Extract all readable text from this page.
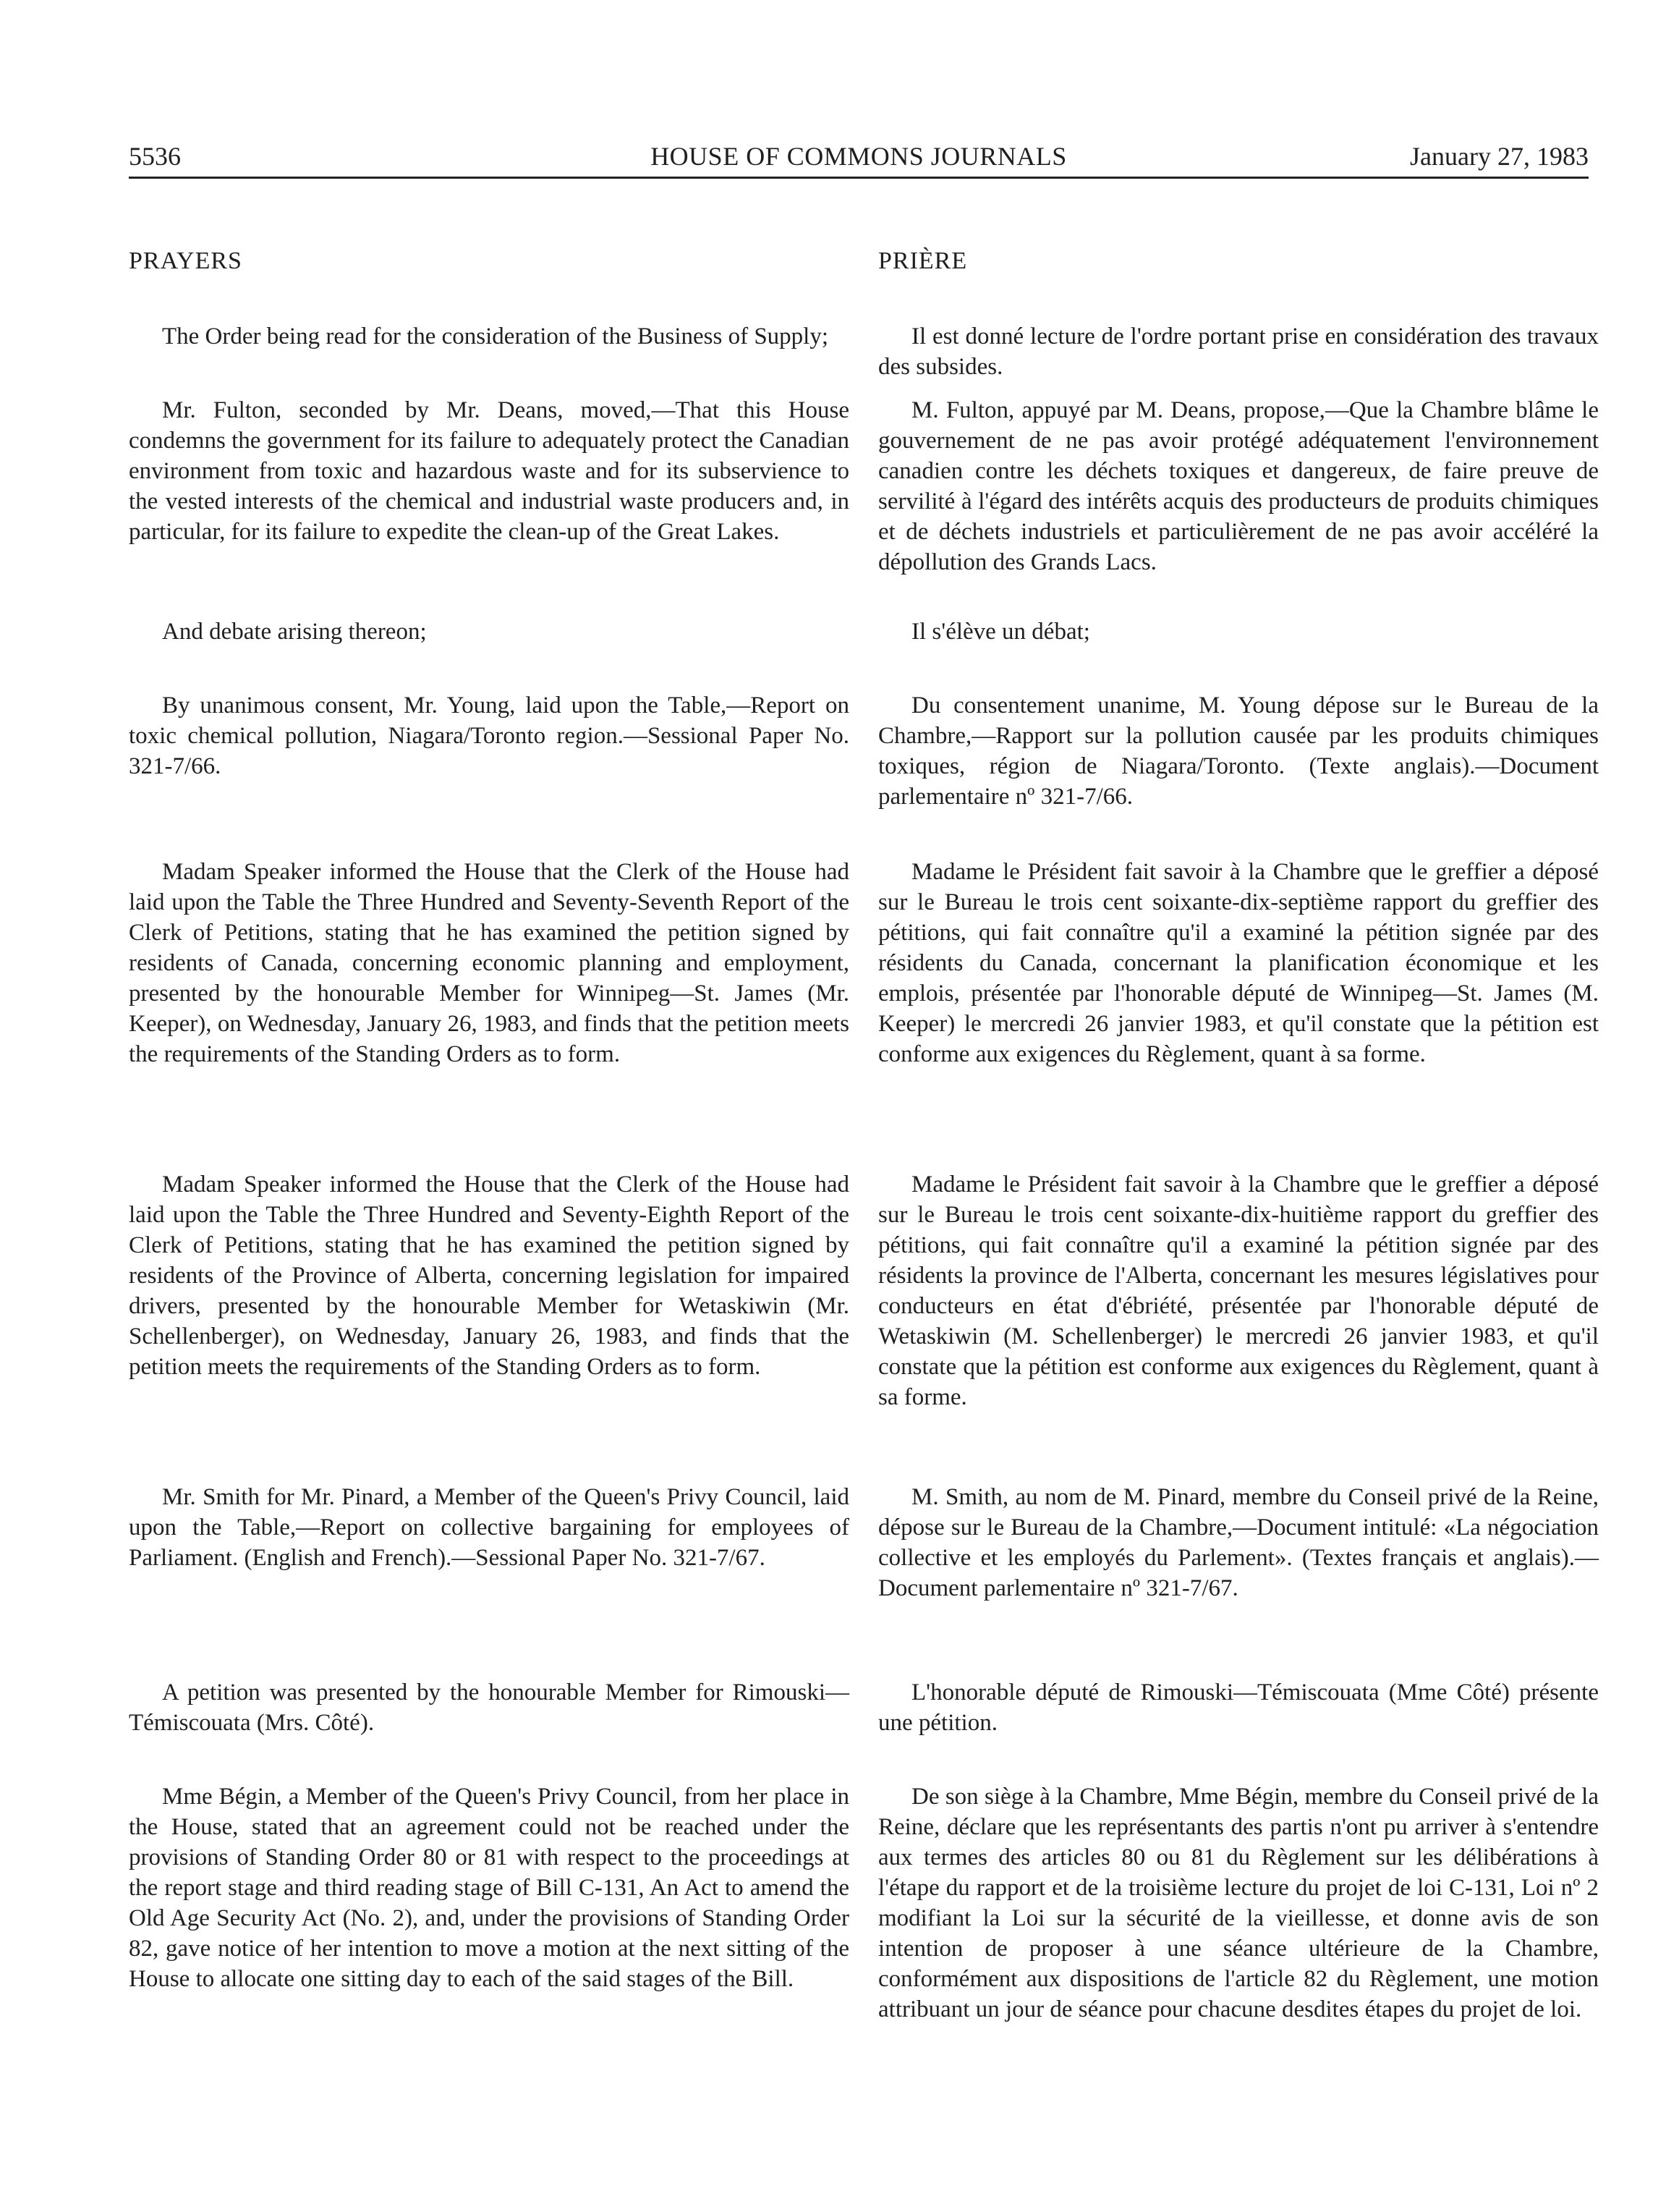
5536	HOUSE OF COMMONS JOURNALS	January 27, 1983
PRAYERS
The Order being read for the consideration of the Business of Supply;
Mr. Fulton, seconded by Mr. Deans, moved,—That this House condemns the government for its failure to adequately protect the Canadian environment from toxic and hazardous waste and for its subservience to the vested interests of the chemical and industrial waste producers and, in particular, for its failure to expedite the clean-up of the Great Lakes.
And debate arising thereon;
By unanimous consent, Mr. Young, laid upon the Table,—Report on toxic chemical pollution, Niagara/Toronto region.—Sessional Paper No. 321-7/66.
Madam Speaker informed the House that the Clerk of the House had laid upon the Table the Three Hundred and Seventy-Seventh Report of the Clerk of Petitions, stating that he has examined the petition signed by residents of Canada, concerning economic planning and employment, presented by the honourable Member for Winnipeg—St. James (Mr. Keeper), on Wednesday, January 26, 1983, and finds that the petition meets the requirements of the Standing Orders as to form.
Madam Speaker informed the House that the Clerk of the House had laid upon the Table the Three Hundred and Seventy-Eighth Report of the Clerk of Petitions, stating that he has examined the petition signed by residents of the Province of Alberta, concerning legislation for impaired drivers, presented by the honourable Member for Wetaskiwin (Mr. Schellenberger), on Wednesday, January 26, 1983, and finds that the petition meets the requirements of the Standing Orders as to form.
Mr. Smith for Mr. Pinard, a Member of the Queen's Privy Council, laid upon the Table,—Report on collective bargaining for employees of Parliament. (English and French).—Sessional Paper No. 321-7/67.
A petition was presented by the honourable Member for Rimouski—Témiscouata (Mrs. Côté).
Mme Bégin, a Member of the Queen's Privy Council, from her place in the House, stated that an agreement could not be reached under the provisions of Standing Order 80 or 81 with respect to the proceedings at the report stage and third reading stage of Bill C-131, An Act to amend the Old Age Security Act (No. 2), and, under the provisions of Standing Order 82, gave notice of her intention to move a motion at the next sitting of the House to allocate one sitting day to each of the said stages of the Bill.
PRIÈRE
Il est donné lecture de l'ordre portant prise en considération des travaux des subsides.
M. Fulton, appuyé par M. Deans, propose,—Que la Chambre blâme le gouvernement de ne pas avoir protégé adéquatement l'environnement canadien contre les déchets toxiques et dangereux, de faire preuve de servilité à l'égard des intérêts acquis des producteurs de produits chimiques et de déchets industriels et particulièrement de ne pas avoir accéléré la dépollution des Grands Lacs.
Il s'élève un débat;
Du consentement unanime, M. Young dépose sur le Bureau de la Chambre,—Rapport sur la pollution causée par les produits chimiques toxiques, région de Niagara/Toronto. (Texte anglais).—Document parlementaire nº 321-7/66.
Madame le Président fait savoir à la Chambre que le greffier a déposé sur le Bureau le trois cent soixante-dix-septième rapport du greffier des pétitions, qui fait connaître qu'il a examiné la pétition signée par des résidents du Canada, concernant la planification économique et les emplois, présentée par l'honorable député de Winnipeg—St. James (M. Keeper) le mercredi 26 janvier 1983, et qu'il constate que la pétition est conforme aux exigences du Règlement, quant à sa forme.
Madame le Président fait savoir à la Chambre que le greffier a déposé sur le Bureau le trois cent soixante-dix-huitième rapport du greffier des pétitions, qui fait connaître qu'il a examiné la pétition signée par des résidents la province de l'Alberta, concernant les mesures législatives pour conducteurs en état d'ébriété, présentée par l'honorable député de Wetaskiwin (M. Schellenberger) le mercredi 26 janvier 1983, et qu'il constate que la pétition est conforme aux exigences du Règlement, quant à sa forme.
M. Smith, au nom de M. Pinard, membre du Conseil privé de la Reine, dépose sur le Bureau de la Chambre,—Document intitulé: «La négociation collective et les employés du Parlement». (Textes français et anglais).—Document parlementaire nº 321-7/67.
L'honorable député de Rimouski—Témiscouata (Mme Côté) présente une pétition.
De son siège à la Chambre, Mme Bégin, membre du Conseil privé de la Reine, déclare que les représentants des partis n'ont pu arriver à s'entendre aux termes des articles 80 ou 81 du Règlement sur les délibérations à l'étape du rapport et de la troisième lecture du projet de loi C-131, Loi nº 2 modifiant la Loi sur la sécurité de la vieillesse, et donne avis de son intention de proposer à une séance ultérieure de la Chambre, conformément aux dispositions de l'article 82 du Règlement, une motion attribuant un jour de séance pour chacune desdites étapes du projet de loi.
